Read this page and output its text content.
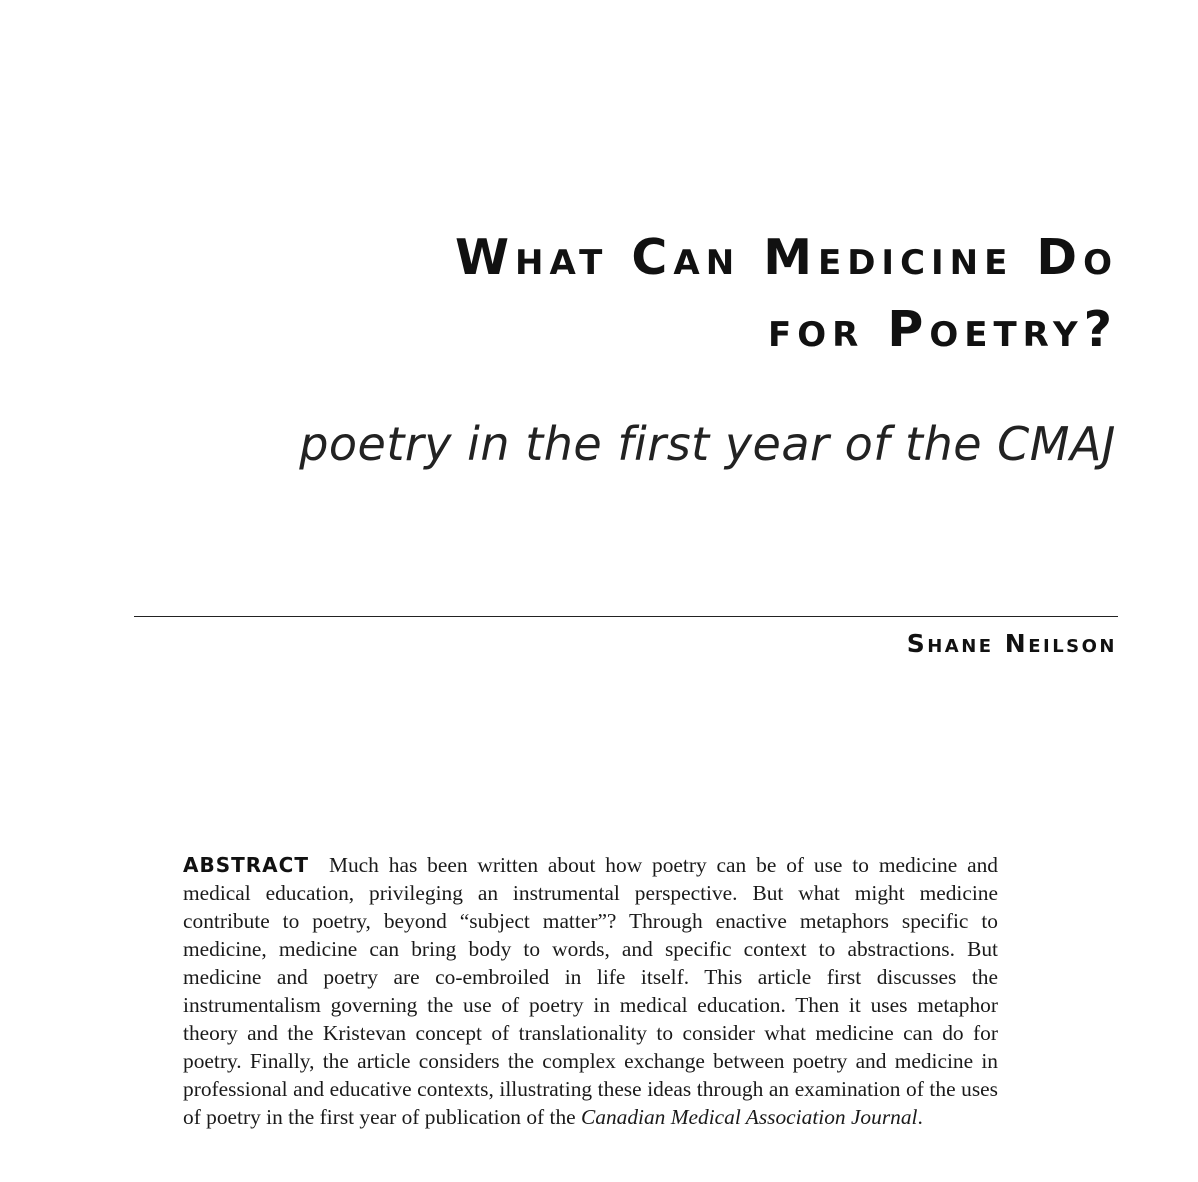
What Can Medicine Do
for Poetry?
poetry in the first year of the CMAJ
Shane Neilson
ABSTRACT Much has been written about how poetry can be of use to medicine and medical education, privileging an instrumental perspective. But what might medicine contribute to poetry, beyond “subject matter”? Through enactive metaphors specific to medicine, medicine can bring body to words, and specific context to abstractions. But medicine and poetry are co-embroiled in life itself. This article first discusses the instrumentalism governing the use of poetry in medical education. Then it uses metaphor theory and the Kristevan concept of translationality to consider what medicine can do for poetry. Finally, the article considers the complex exchange between poetry and medicine in professional and educative contexts, illustrating these ideas through an examination of the uses of poetry in the first year of publication of the Canadian Medical Association Journal.
